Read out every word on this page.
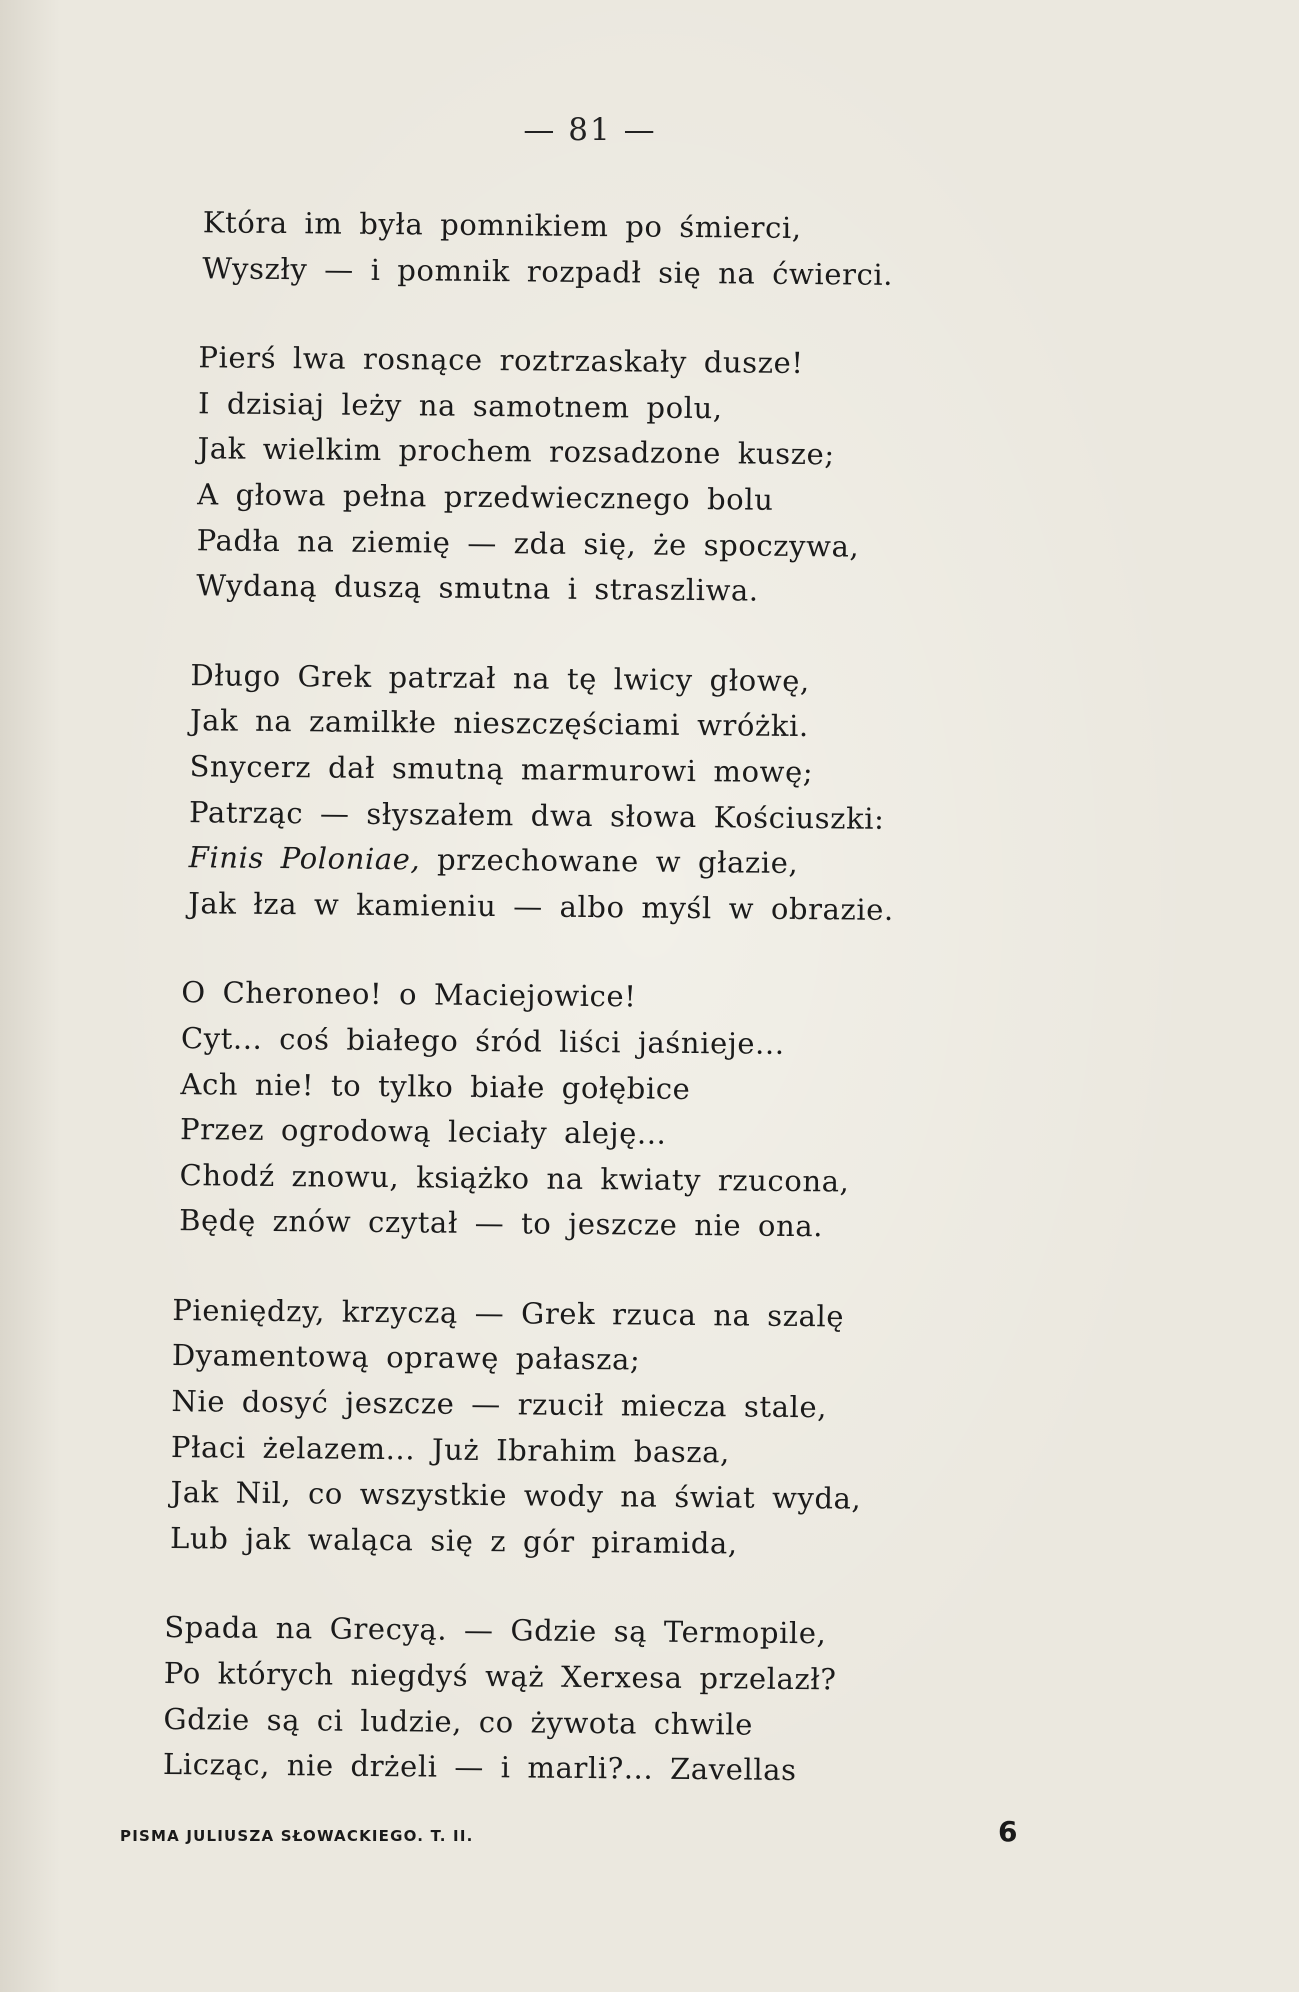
— 81 —
Która im była pomnikiem po śmierci,
Wyszły — i pomnik rozpadł się na ćwierci.
Pierś lwa rosnące roztrzaskały dusze!
I dzisiaj leży na samotnem polu,
Jak wielkim prochem rozsadzone kusze;
A głowa pełna przedwiecznego bolu
Padła na ziemię — zda się, że spoczywa,
Wydaną duszą smutna i straszliwa.
Długo Grek patrzał na tę lwicy głowę,
Jak na zamilkłe nieszczęściami wróżki.
Snycerz dał smutną marmurowi mowę;
Patrząc — słyszałem dwa słowa Kościuszki:
Finis Poloniae, przechowane w głazie,
Jak łza w kamieniu — albo myśl w obrazie.
O Cheroneo! o Maciejowice!
Cyt... coś białego śród liści jaśnieje...
Ach nie! to tylko białe gołębice
Przez ogrodową leciały aleję...
Chodź znowu, książko na kwiaty rzucona,
Będę znów czytał — to jeszcze nie ona.
Pieniędzy, krzyczą — Grek rzuca na szalę
Dyamentową oprawę pałasza;
Nie dosyć jeszcze — rzucił miecza stale,
Płaci żelazem... Już Ibrahim basza,
Jak Nil, co wszystkie wody na świat wyda,
Lub jak waląca się z gór piramida,
Spada na Grecyą. — Gdzie są Termopile,
Po których niegdyś wąż Xerxesa przelazł?
Gdzie są ci ludzie, co żywota chwile
Licząc, nie drżeli — i marli?... Zavellas
PISMA JULIUSZA SŁOWACKIEGO. T. II.	6
